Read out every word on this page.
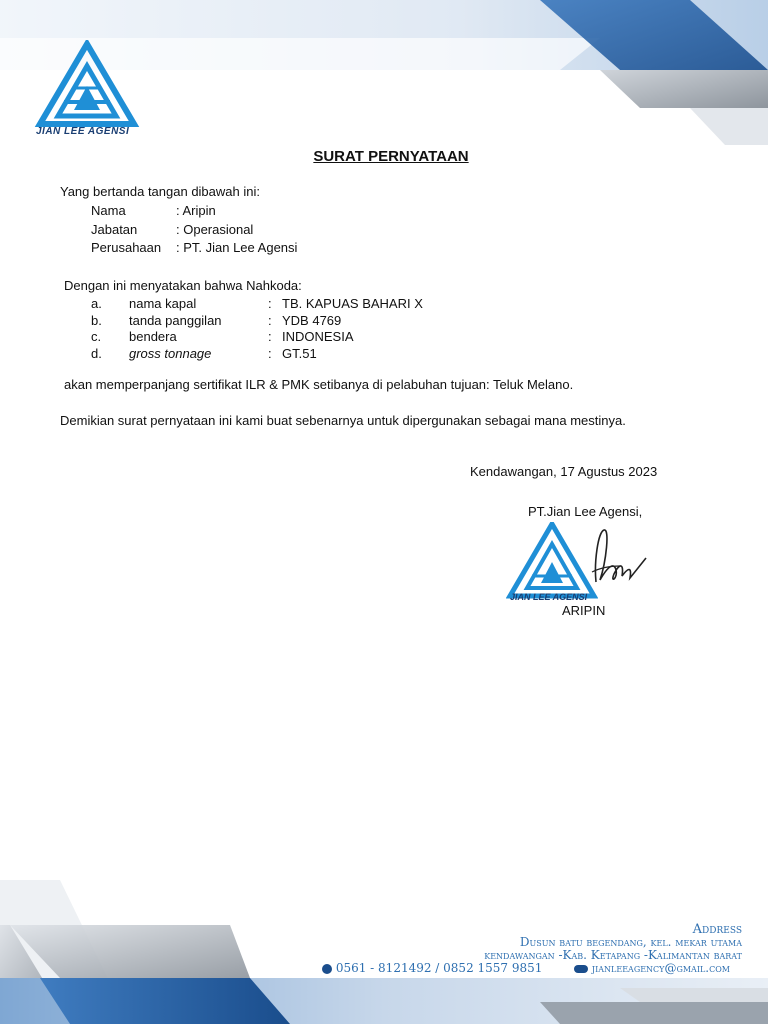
JIAN LEE AGENSI
SURAT PERNYATAAN
Yang bertanda tangan dibawah ini:
Nama	: Aripin
Jabatan	: Operasional
Perusahaan : PT. Jian Lee Agensi
Dengan ini menyatakan bahwa Nahkoda:
a. nama kapal	: TB. KAPUAS BAHARI X
b. tanda panggilan	: YDB 4769
c. bendera	: INDONESIA
d. gross tonnage	: GT.51
akan memperpanjang sertifikat ILR & PMK setibanya di pelabuhan tujuan: Teluk Melano.
Demikian surat pernyataan ini kami buat sebenarnya untuk dipergunakan sebagai mana mestinya.
Kendawangan, 17 Agustus 2023
PT.Jian Lee Agensi,
JIAN LEE AGENSI
ARIPIN
Address
Dusun batu begendang, kel. mekar utama
kendawangan -Kab. Ketapang -Kalimantan barat
0561 - 8121492 / 0852 1557 9851	jianleeagency@gmail.com
